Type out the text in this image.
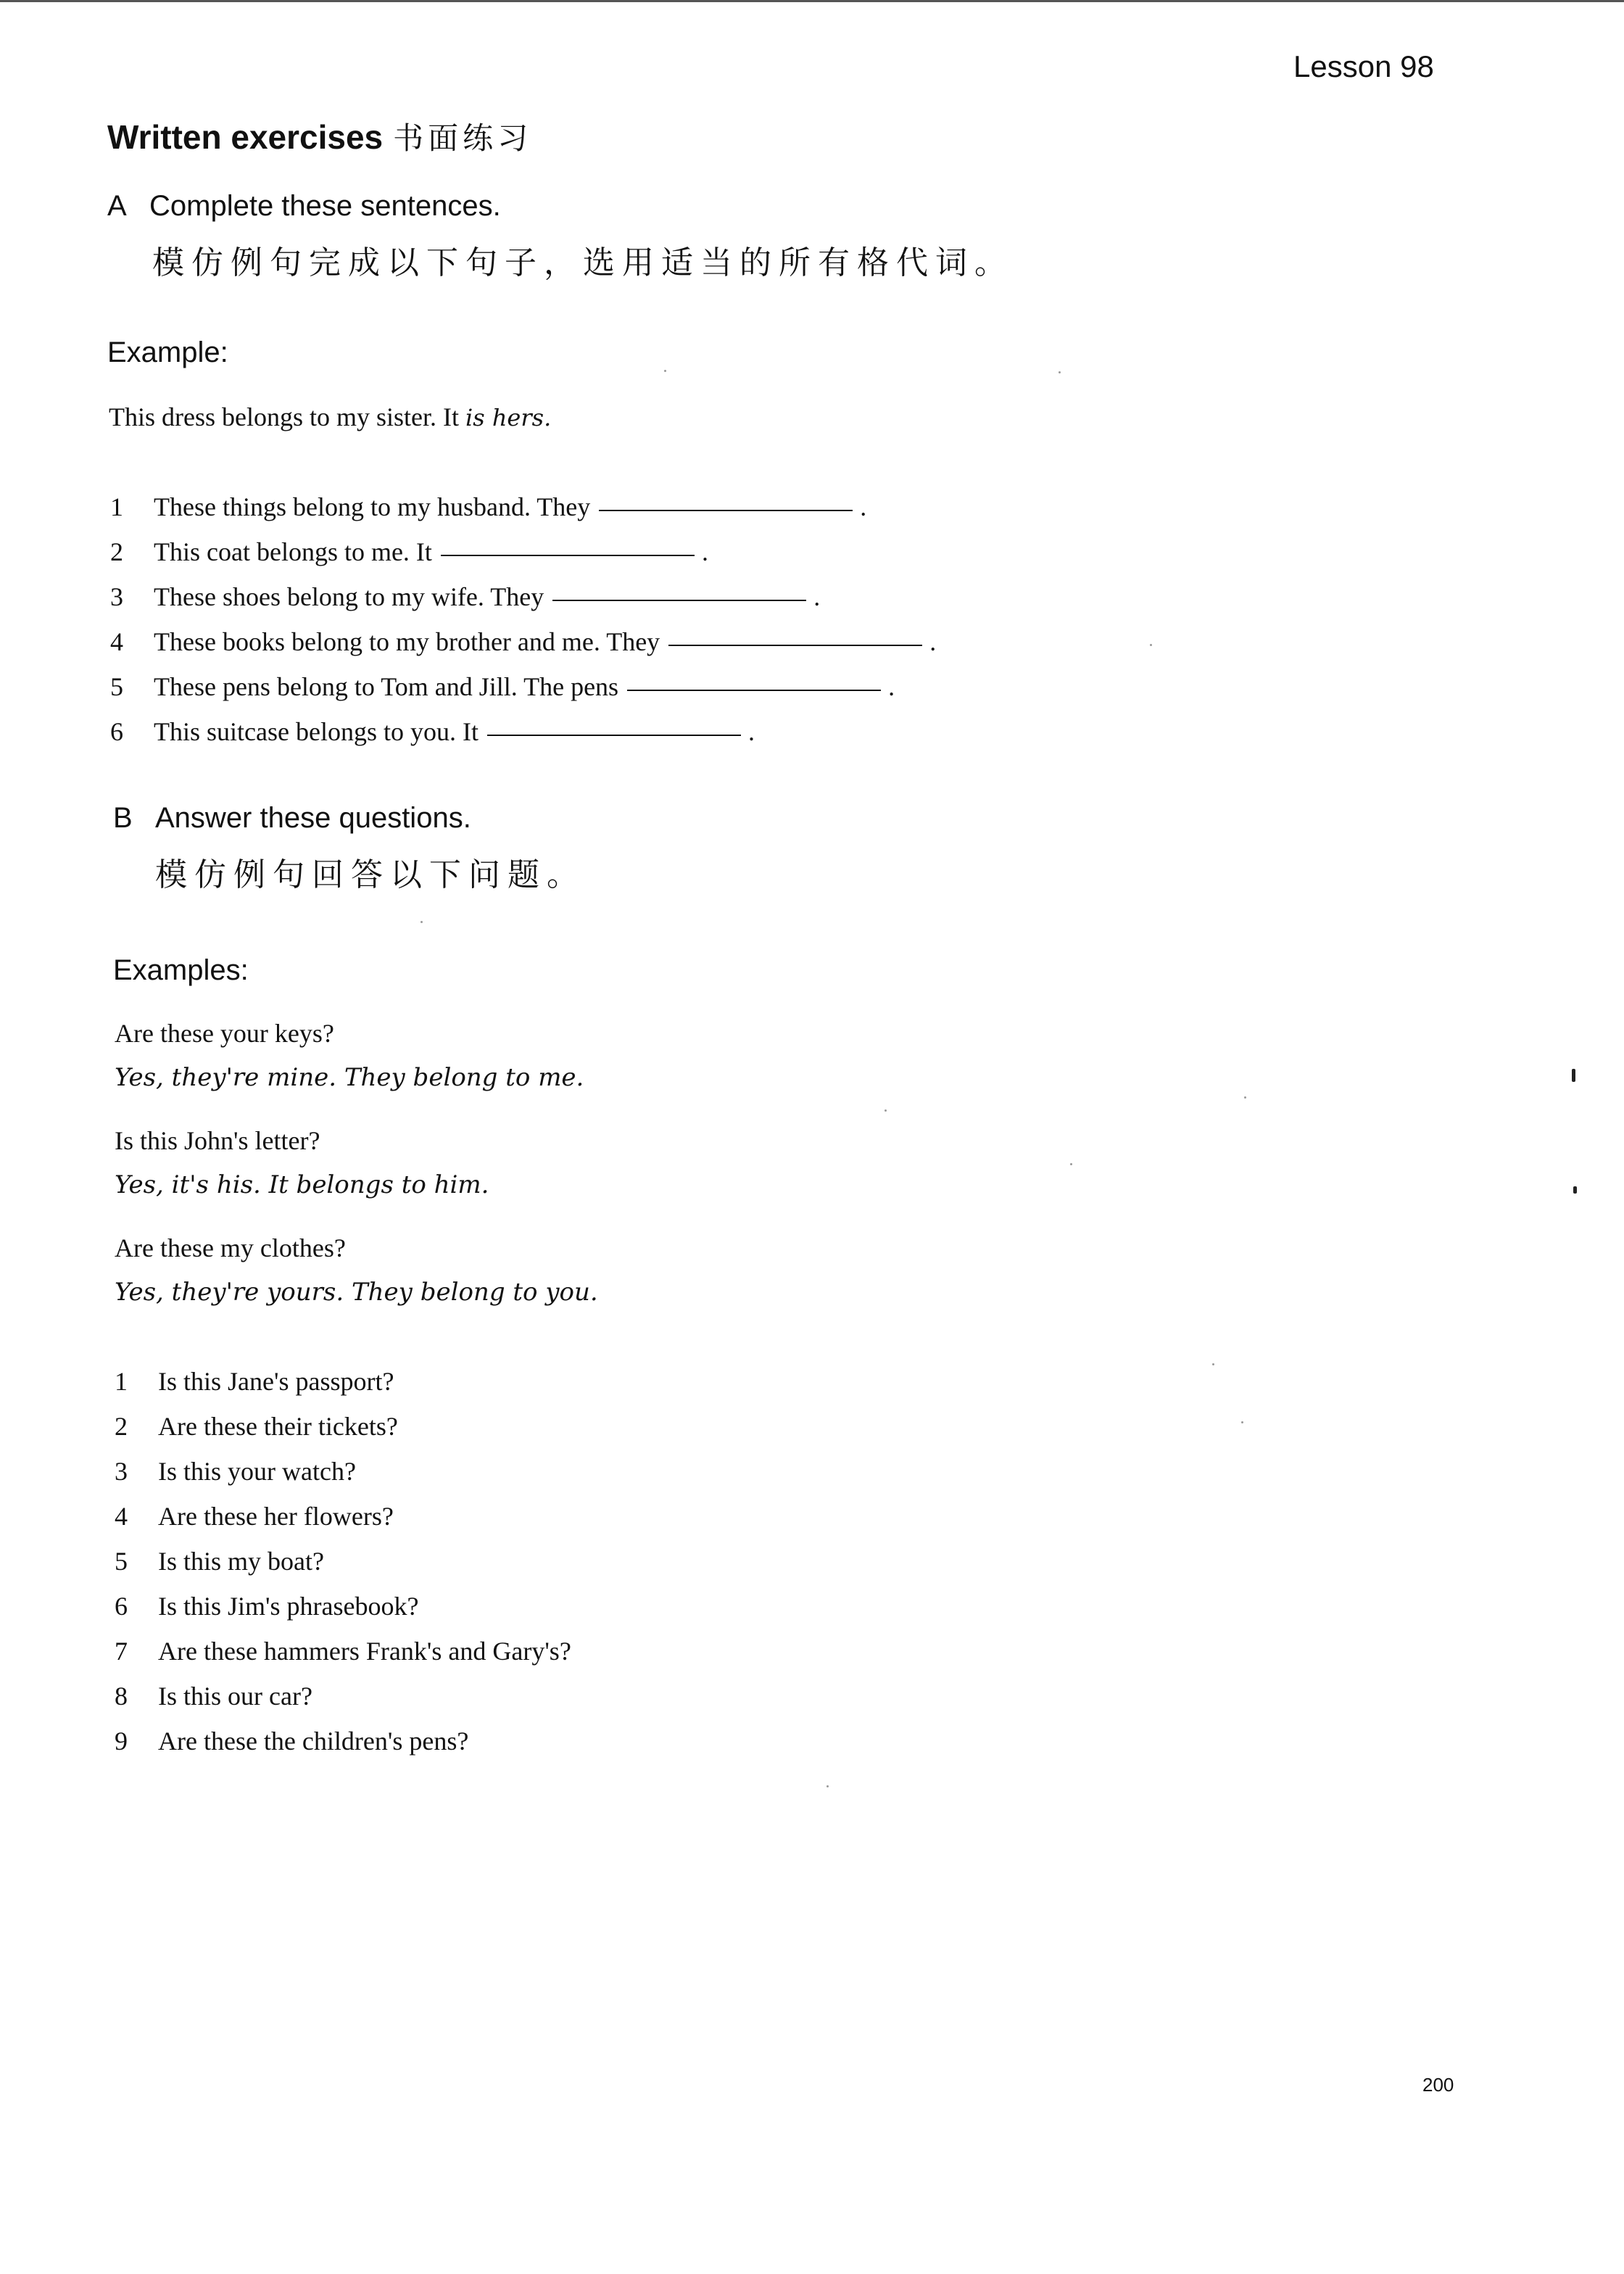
Lesson 98
Written exercises 书面练习
A Complete these sentences.
模仿例句完成以下句子，选用适当的所有格代词。
Example:
This dress belongs to my sister. It is hers.
1	These things belong to my husband. They	.
2	This coat belongs to me. It	.
3	These shoes belong to my wife. They	.
4	These books belong to my brother and me. They	.
5	These pens belong to Tom and Jill. The pens	.
6	This suitcase belongs to you. It	.
B Answer these questions.
模仿例句回答以下问题。
Examples:
Are these your keys?
Yes, they're mine. They belong to me.
Is this John's letter?
Yes, it's his. It belongs to him.
Are these my clothes?
Yes, they're yours. They belong to you.
1	Is this Jane's passport?
2	Are these their tickets?
3	Is this your watch?
4	Are these her flowers?
5	Is this my boat?
6	Is this Jim's phrasebook?
7	Are these hammers Frank's and Gary's?
8	Is this our car?
9	Are these the children's pens?
200
